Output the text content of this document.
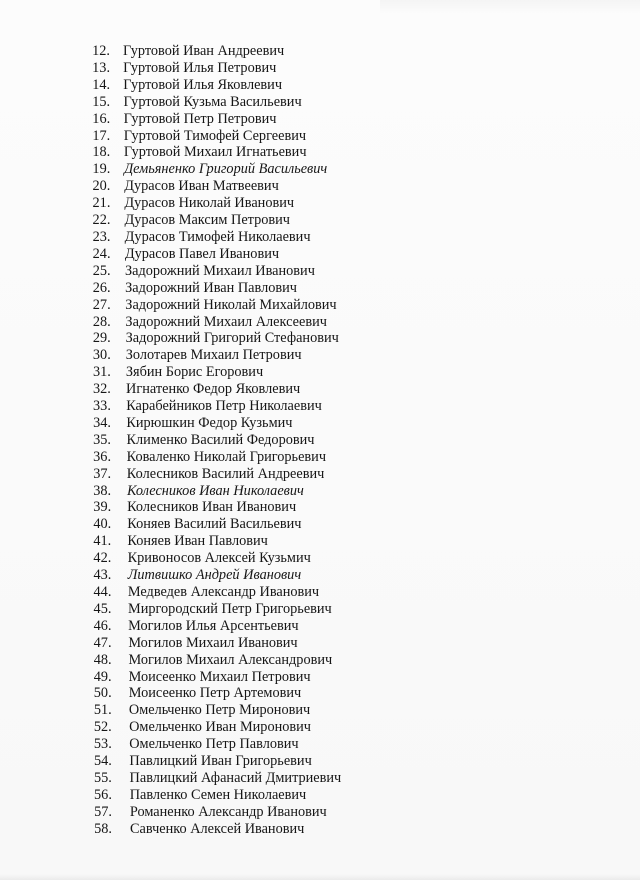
12. Гуртовой Иван Андреевич
13. Гуртовой Илья Петрович
14. Гуртовой Илья Яковлевич
15. Гуртовой Кузьма Васильевич
16. Гуртовой Петр Петрович
17. Гуртовой Тимофей Сергеевич
18. Гуртовой Михаил Игнатьевич
19. Демьяненко Григорий Васильевич
20. Дурасов Иван Матвеевич
21. Дурасов Николай Иванович
22. Дурасов Максим Петрович
23. Дурасов Тимофей Николаевич
24. Дурасов Павел Иванович
25. Задорожний Михаил Иванович
26. Задорожний Иван Павлович
27. Задорожний Николай Михайлович
28. Задорожний Михаил Алексеевич
29. Задорожний Григорий Стефанович
30. Золотарев Михаил Петрович
31. Зябин Борис Егорович
32. Игнатенко Федор Яковлевич
33. Карабейников Петр Николаевич
34. Кирюшкин Федор Кузьмич
35. Клименко Василий Федорович
36. Коваленко Николай Григорьевич
37. Колесников Василий Андреевич
38. Колесников Иван Николаевич
39. Колесников Иван Иванович
40. Коняев Василий Васильевич
41. Коняев Иван Павлович
42. Кривоносов Алексей Кузьмич
43. Литвишко Андрей Иванович
44. Медведев Александр Иванович
45. Миргородский Петр Григорьевич
46. Могилов Илья Арсентьевич
47. Могилов Михаил Иванович
48. Могилов Михаил Александрович
49. Моисеенко Михаил Петрович
50. Моисеенко Петр Артемович
51. Омельченко Петр Миронович
52. Омельченко Иван Миронович
53. Омельченко Петр Павлович
54. Павлицкий Иван Григорьевич
55. Павлицкий Афанасий Дмитриевич
56. Павленко Семен Николаевич
57. Романенко Александр Иванович
58. Савченко Алексей Иванович
